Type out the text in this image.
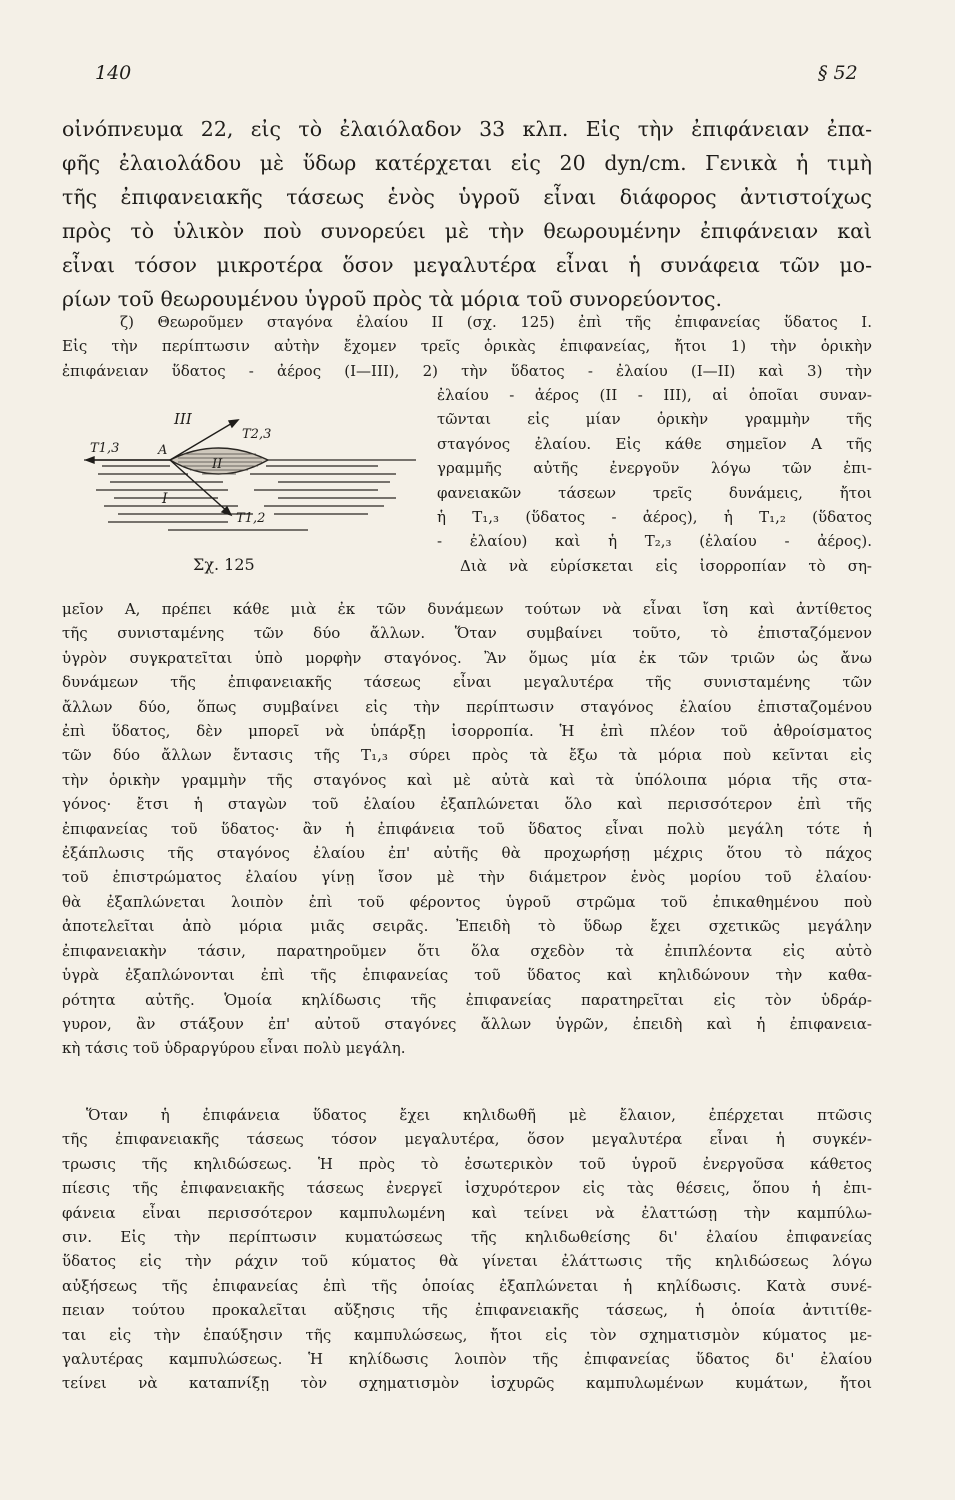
140	§ 52
οἰνόπνευμα 22, εἰς τὸ ἐλαιόλαδον 33 κλπ. Εἰς τὴν ἐπιφάνειαν ἐπα-
φῆς ἐλαιολάδου μὲ ὕδωρ κατέρχεται εἰς 20 dyn/cm. Γενικὰ ἡ τιμὴ
τῆς ἐπιφανειακῆς τάσεως ἑνὸς ὑγροῦ εἶναι διάφορος ἀντιστοίχως
πρὸς τὸ ὑλικὸν ποὺ συνορεύει μὲ τὴν θεωρουμένην ἐπιφάνειαν καὶ
εἶναι τόσον μικροτέρα ὅσον μεγαλυτέρα εἶναι ἡ συνάφεια τῶν μο-
ρίων τοῦ θεωρουμένου ὑγροῦ πρὸς τὰ μόρια τοῦ συνορεύοντος.
ζ) Θεωροῦμεν σταγόνα ἐλαίου II (σχ. 125) ἐπὶ τῆς ἐπιφανείας ὕδατος I.
Εἰς τὴν περίπτωσιν αὐτὴν ἔχομεν τρεῖς ὁρικὰς ἐπιφανείας, ἤτοι 1) τὴν ὁρικὴν
ἐπιφάνειαν ὕδατος - ἀέρος (I—III), 2) τὴν ὕδατος - ἐλαίου (I—II) καὶ 3) τὴν
ἐλαίου - ἀέρος (II - III), αἱ ὁποῖαι συναν-
τῶνται εἰς μίαν ὁρικὴν γραμμὴν τῆς
σταγόνος ἐλαίου. Εἰς κάθε σημεῖον Α τῆς
γραμμῆς αὐτῆς ἐνεργοῦν λόγω τῶν ἐπι-
φανειακῶν τάσεων τρεῖς δυνάμεις, ἤτοι
ἡ T₁,₃ (ὕδατος - ἀέρος), ἡ T₁,₂ (ὕδατος
- ἐλαίου) καὶ ἡ T₂,₃ (ἐλαίου - ἀέρος).
Διὰ νὰ εὑρίσκεται εἰς ἰσορροπίαν τὸ ση-
III
A
II
I
T1,3
T2,3
T1,2
Σχ. 125
μεῖον Α, πρέπει κάθε μιὰ ἐκ τῶν δυνάμεων τούτων νὰ εἶναι ἴση καὶ ἀντίθετος
τῆς συνισταμένης τῶν δύο ἄλλων. Ὅταν συμβαίνει τοῦτο, τὸ ἐπισταζόμενον
ὑγρὸν συγκρατεῖται ὑπὸ μορφὴν σταγόνος. Ἂν ὅμως μία ἐκ τῶν τριῶν ὡς ἄνω
δυνάμεων τῆς ἐπιφανειακῆς τάσεως εἶναι μεγαλυτέρα τῆς συνισταμένης τῶν
ἄλλων δύο, ὅπως συμβαίνει εἰς τὴν περίπτωσιν σταγόνος ἐλαίου ἐπισταζομένου
ἐπὶ ὕδατος, δὲν μπορεῖ νὰ ὑπάρξῃ ἰσορροπία. Ἡ ἐπὶ πλέον τοῦ ἀθροίσματος
τῶν δύο ἄλλων ἔντασις τῆς T₁,₃ σύρει πρὸς τὰ ἔξω τὰ μόρια ποὺ κεῖνται εἰς
τὴν ὁρικὴν γραμμὴν τῆς σταγόνος καὶ μὲ αὐτὰ καὶ τὰ ὑπόλοιπα μόρια τῆς στα-
γόνος· ἔτσι ἡ σταγὼν τοῦ ἐλαίου ἐξαπλώνεται ὅλο καὶ περισσότερον ἐπὶ τῆς
ἐπιφανείας τοῦ ὕδατος· ἂν ἡ ἐπιφάνεια τοῦ ὕδατος εἶναι πολὺ μεγάλη τότε ἡ
ἐξάπλωσις τῆς σταγόνος ἐλαίου ἐπ' αὐτῆς θὰ προχωρήσῃ μέχρις ὅτου τὸ πάχος
τοῦ ἐπιστρώματος ἐλαίου γίνῃ ἴσον μὲ τὴν διάμετρον ἑνὸς μορίου τοῦ ἐλαίου·
θὰ ἐξαπλώνεται λοιπὸν ἐπὶ τοῦ φέροντος ὑγροῦ στρῶμα τοῦ ἐπικαθημένου ποὺ
ἀποτελεῖται ἀπὸ μόρια μιᾶς σειρᾶς. Ἐπειδὴ τὸ ὕδωρ ἔχει σχετικῶς μεγάλην
ἐπιφανειακὴν τάσιν, παρατηροῦμεν ὅτι ὅλα σχεδὸν τὰ ἐπιπλέοντα εἰς αὐτὸ
ὑγρὰ ἐξαπλώνονται ἐπὶ τῆς ἐπιφανείας τοῦ ὕδατος καὶ κηλιδώνουν τὴν καθα-
ρότητα αὐτῆς. Ὁμοία κηλίδωσις τῆς ἐπιφανείας παρατηρεῖται εἰς τὸν ὑδράρ-
γυρον, ἂν στάξουν ἐπ' αὐτοῦ σταγόνες ἄλλων ὑγρῶν, ἐπειδὴ καὶ ἡ ἐπιφανεια-
κὴ τάσις τοῦ ὑδραργύρου εἶναι πολὺ μεγάλη.
Ὅταν ἡ ἐπιφάνεια ὕδατος ἔχει κηλιδωθῆ μὲ ἔλαιον, ἐπέρχεται πτῶσις
τῆς ἐπιφανειακῆς τάσεως τόσον μεγαλυτέρα, ὅσον μεγαλυτέρα εἶναι ἡ συγκέν-
τρωσις τῆς κηλιδώσεως. Ἡ πρὸς τὸ ἐσωτερικὸν τοῦ ὑγροῦ ἐνεργοῦσα κάθετος
πίεσις τῆς ἐπιφανειακῆς τάσεως ἐνεργεῖ ἰσχυρότερον εἰς τὰς θέσεις, ὅπου ἡ ἐπι-
φάνεια εἶναι περισσότερον καμπυλωμένη καὶ τείνει νὰ ἐλαττώσῃ τὴν καμπύλω-
σιν. Εἰς τὴν περίπτωσιν κυματώσεως τῆς κηλιδωθείσης δι' ἐλαίου ἐπιφανείας
ὕδατος εἰς τὴν ράχιν τοῦ κύματος θὰ γίνεται ἐλάττωσις τῆς κηλιδώσεως λόγω
αὐξήσεως τῆς ἐπιφανείας ἐπὶ τῆς ὁποίας ἐξαπλώνεται ἡ κηλίδωσις. Κατὰ συνέ-
πειαν τούτου προκαλεῖται αὔξησις τῆς ἐπιφανειακῆς τάσεως, ἡ ὁποία ἀντιτίθε-
ται εἰς τὴν ἐπαύξησιν τῆς καμπυλώσεως, ἤτοι εἰς τὸν σχηματισμὸν κύματος με-
γαλυτέρας καμπυλώσεως. Ἡ κηλίδωσις λοιπὸν τῆς ἐπιφανείας ὕδατος δι' ἐλαίου
τείνει νὰ καταπνίξῃ τὸν σχηματισμὸν ἰσχυρῶς καμπυλωμένων κυμάτων, ἤτοι
